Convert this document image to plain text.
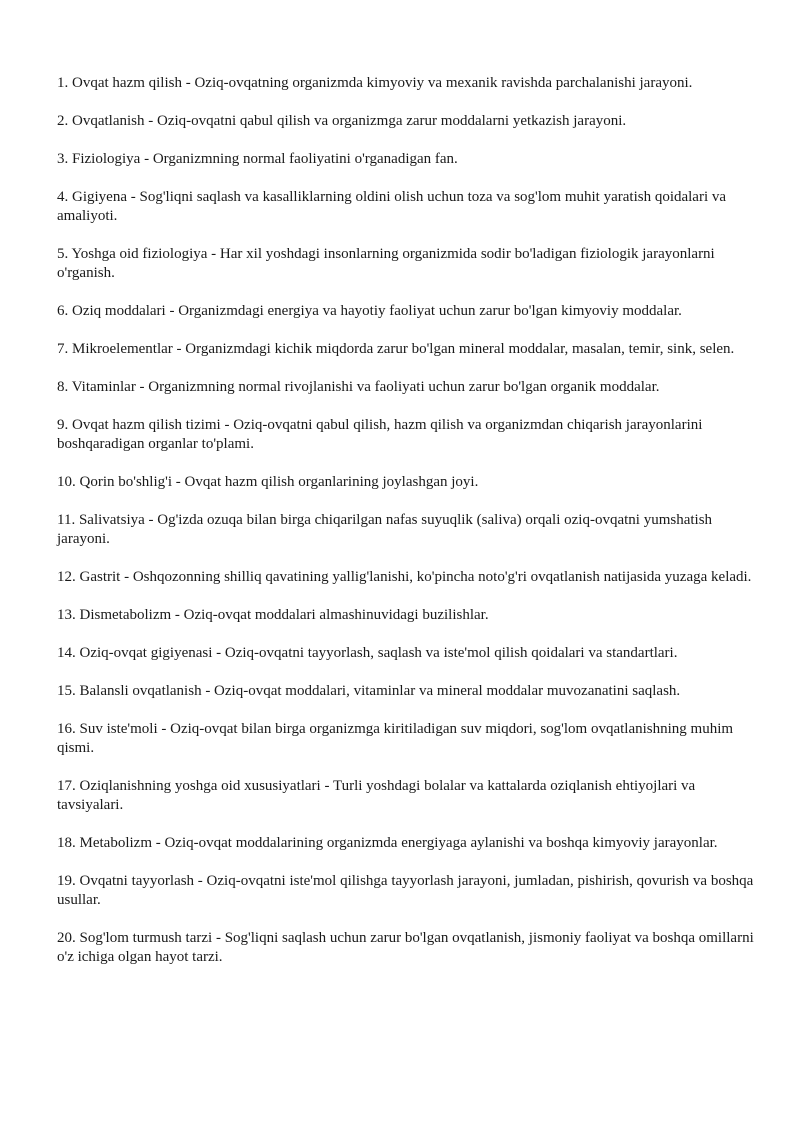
1. Ovqat hazm qilish - Oziq-ovqatning organizmda kimyoviy va mexanik ravishda parchalanishi jarayoni.
2. Ovqatlanish - Oziq-ovqatni qabul qilish va organizmga zarur moddalarni yetkazish jarayoni.
3. Fiziologiya - Organizmning normal faoliyatini o'rganadigan fan.
4. Gigiyena - Sog'liqni saqlash va kasalliklarning oldini olish uchun toza va sog'lom muhit yaratish qoidalari va amaliyoti.
5. Yoshga oid fiziologiya - Har xil yoshdagi insonlarning organizmida sodir bo'ladigan fiziologik jarayonlarni o'rganish.
6. Oziq moddalari - Organizmdagi energiya va hayotiy faoliyat uchun zarur bo'lgan kimyoviy moddalar.
7. Mikroelementlar - Organizmdagi kichik miqdorda zarur bo'lgan mineral moddalar, masalan, temir, sink, selen.
8. Vitaminlar - Organizmning normal rivojlanishi va faoliyati uchun zarur bo'lgan organik moddalar.
9. Ovqat hazm qilish tizimi - Oziq-ovqatni qabul qilish, hazm qilish va organizmdan chiqarish jarayonlarini boshqaradigan organlar to'plami.
10. Qorin bo'shlig'i - Ovqat hazm qilish organlarining joylashgan joyi.
11. Salivatsiya - Og'izda ozuqa bilan birga chiqarilgan nafas suyuqlik (saliva) orqali oziq-ovqatni yumshatish jarayoni.
12. Gastrit - Oshqozonning shilliq qavatining yallig'lanishi, ko'pincha noto'g'ri ovqatlanish natijasida yuzaga keladi.
13. Dismetabolizm - Oziq-ovqat moddalari almashinuvidagi buzilishlar.
14. Oziq-ovqat gigiyenasi - Oziq-ovqatni tayyorlash, saqlash va iste'mol qilish qoidalari va standartlari.
15. Balansli ovqatlanish - Oziq-ovqat moddalari, vitaminlar va mineral moddalar muvozanatini saqlash.
16. Suv iste'moli - Oziq-ovqat bilan birga organizmga kiritiladigan suv miqdori, sog'lom ovqatlanishning muhim qismi.
17. Oziqlanishning yoshga oid xususiyatlari - Turli yoshdagi bolalar va kattalarda oziqlanish ehtiyojlari va tavsiyalari.
18. Metabolizm - Oziq-ovqat moddalarining organizmda energiyaga aylanishi va boshqa kimyoviy jarayonlar.
19. Ovqatni tayyorlash - Oziq-ovqatni iste'mol qilishga tayyorlash jarayoni, jumladan, pishirish, qovurish va boshqa usullar.
20. Sog'lom turmush tarzi - Sog'liqni saqlash uchun zarur bo'lgan ovqatlanish, jismoniy faoliyat va boshqa omillarni o'z ichiga olgan hayot tarzi.
